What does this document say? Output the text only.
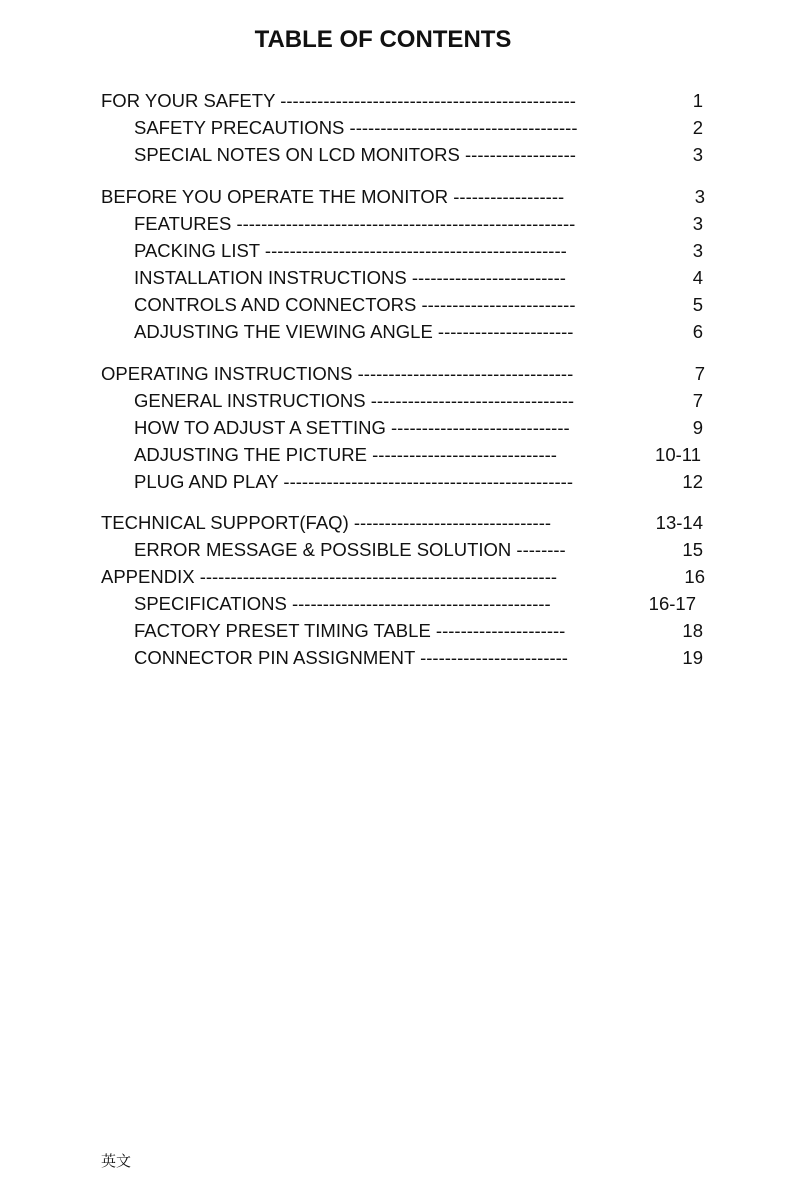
TABLE OF CONTENTS
FOR YOUR SAFETY ------------------------------------------------	1
SAFETY PRECAUTIONS -------------------------------------	2
SPECIAL NOTES ON LCD MONITORS ------------------	3
BEFORE YOU OPERATE THE MONITOR ------------------	3
FEATURES -------------------------------------------------------	3
PACKING LIST -------------------------------------------------	3
INSTALLATION INSTRUCTIONS -------------------------	4
CONTROLS AND CONNECTORS -------------------------	5
ADJUSTING THE VIEWING ANGLE ----------------------	6
OPERATING INSTRUCTIONS -----------------------------------	7
GENERAL INSTRUCTIONS ---------------------------------	7
HOW TO ADJUST A SETTING -----------------------------	9
ADJUSTING THE PICTURE ------------------------------	10-11
PLUG AND PLAY -----------------------------------------------	12
TECHNICAL SUPPORT(FAQ) --------------------------------	13-14
ERROR MESSAGE & POSSIBLE SOLUTION --------	15
APPENDIX ----------------------------------------------------------	16
SPECIFICATIONS ------------------------------------------	16-17
FACTORY PRESET TIMING TABLE ---------------------	18
CONNECTOR PIN ASSIGNMENT ------------------------	19
英文
